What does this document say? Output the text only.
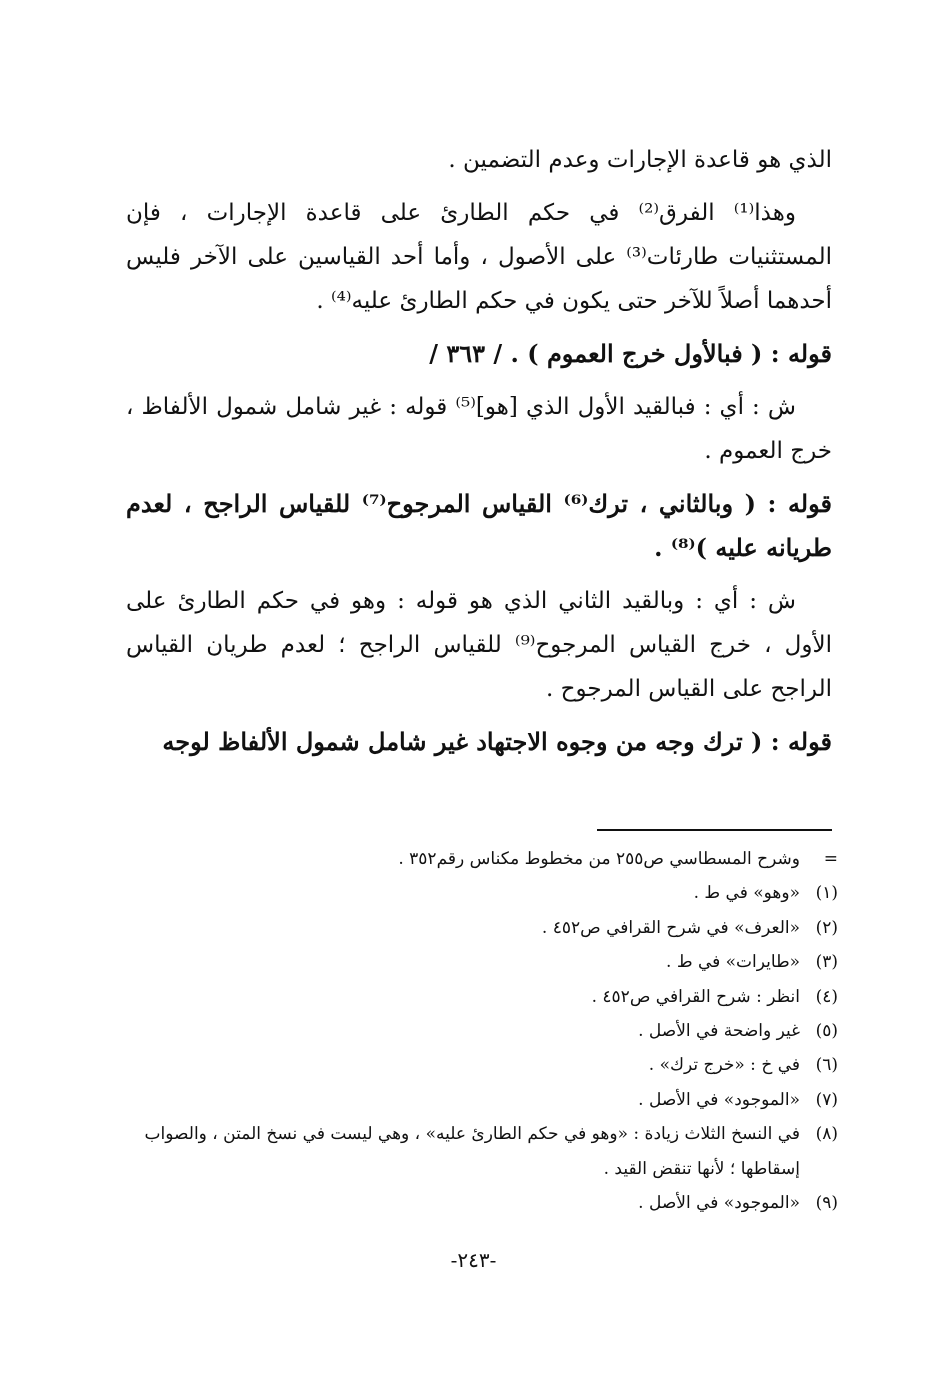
الذي هو قاعدة الإجارات وعدم التضمين .

وهذا⁽¹⁾ الفرق⁽²⁾ في حكم الطارئ على قاعدة الإجارات ، فإن المستثنيات طارئات⁽³⁾ على الأصول ، وأما أحد القياسين على الآخر فليس أحدهما أصلاً للآخر حتى يكون في حكم الطارئ عليه⁽⁴⁾ .

قوله : ( فبالأول خرج العموم ) . / ٣٦٣ /

ش : أي : فبالقيد الأول الذي [هو]⁽⁵⁾ قوله : غير شامل شمول الألفاظ ، خرج العموم .

قوله : ( وبالثاني ، ترك⁽⁶⁾ القياس المرجوح⁽⁷⁾ للقياس الراجح ، لعدم طريانه عليه )⁽⁸⁾ .

ش : أي : وبالقيد الثاني الذي هو قوله : وهو في حكم الطارئ على الأول ، خرج القياس المرجوح⁽⁹⁾ للقياس الراجح ؛ لعدم طريان القياس الراجح على القياس المرجوح .

قوله : ( ترك وجه من وجوه الاجتهاد غير شامل شمول الألفاظ لوجه

=
وشرح المسطاسي ص٢٥٥ من مخطوط مكناس رقم٣٥٢ .
(١)
«وهو» في ط .
(٢)
«العرف» في شرح القرافي ص٤٥٢ .
(٣)
«طايرات» في ط .
(٤)
انظر : شرح القرافي ص٤٥٢ .
(٥)
غير واضحة في الأصل .
(٦)
في خ : «خرج ترك» .
(٧)
«الموجود» في الأصل .
(٨)
في النسخ الثلاث زيادة : «وهو في حكم الطارئ عليه» ، وهي ليست في نسخ المتن ، والصواب إسقاطها ؛ لأنها تنقض القيد .
(٩)
«الموجود» في الأصل .
-٢٤٣-
